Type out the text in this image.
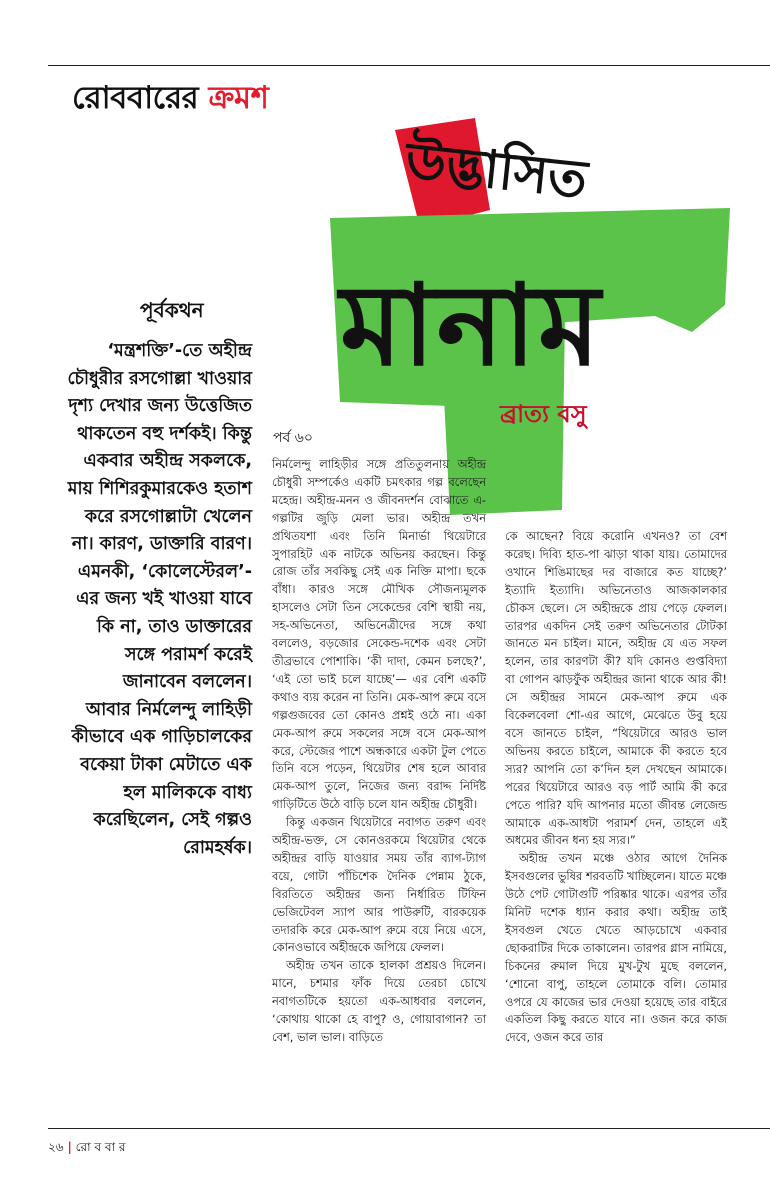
রোববারের ক্রমশ
উদ্ভাসিত
মানাম
ব্রাত্য বসু
পর্ব ৬০
পূর্বকথন

‘মন্ত্রশক্তি’-তে অহীন্দ্র চৌধুরীর রসগোল্লা খাওয়ার দৃশ্য দেখার জন্য উত্তেজিত থাকতেন বহু দর্শকই। কিন্তু একবার অহীন্দ্র সকলকে, মায় শিশিরকুমারকেও হতাশ করে রসগোল্লাটা খেলেন না। কারণ, ডাক্তারি বারণ। এমনকী, ‘কোলেস্টেরল’-এর জন্য খই খাওয়া যাবে কি না, তাও ডাক্তারের সঙ্গে পরামর্শ করেই জানাবেন বললেন।

আবার নির্মলেন্দু লাহিড়ী কীভাবে এক গাড়িচালকের বকেয়া টাকা মেটাতে এক হল মালিককে বাধ্য করেছিলেন, সেই গল্পও রোমহর্ষক।

নির্মলেন্দু লাহিড়ীর সঙ্গে প্রতিতুলনায় অহীন্দ্র চৌধুরী সম্পর্কেও একটি চমৎকার গল্প বলেছেন মহেন্দ্র। অহীন্দ্র-মনন ও জীবনদর্শন বোঝাতে এ-গল্পটির জুড়ি মেলা ভার। অহীন্দ্র তখন প্রথিতযশা এবং তিনি মিনার্ভা থিয়েটারে সুপারহিট এক নাটকে অভিনয় করছেন। কিন্তু রোজ তাঁর সবকিছু সেই এক নিক্তি মাপা। ছকে বাঁধা। কারও সঙ্গে মৌখিক সৌজন্যমূলক হাসলেও সেটা তিন সেকেন্ডের বেশি স্থায়ী নয়, সহ-অভিনেতা, অভিনেত্রীদের সঙ্গে কথা বললেও, বড়জোর সেকেন্ড-দশেক এবং সেটা তীব্রভাবে পোশাকি। ‘কী দাদা, কেমন চলছে?’, ‘এই তো ভাই চলে যাচ্ছে’— এর বেশি একটি কথাও ব্যয় করেন না তিনি। মেক-আপ রুমে বসে গল্পগুজবের তো কোনও প্রশ্নই ওঠে না। একা মেক-আপ রুমে সকলের সঙ্গে বসে মেক-আপ করে, স্টেজের পাশে অন্ধকারে একটা টুল পেতে তিনি বসে পড়েন, থিয়েটার শেষ হলে আবার মেক-আপ তুলে, নিজের জন্য বরাদ্দ নির্দিষ্ট গাড়িটিতে উঠে বাড়ি চলে যান অহীন্দ্র চৌধুরী।

কিন্তু একজন থিয়েটারে নবাগত তরুণ এবং অহীন্দ্র-ভক্ত, সে কোনওরকমে থিয়েটার থেকে অহীন্দ্রর বাড়ি যাওয়ার সময় তাঁর ব্যাগ-ট্যাগ বয়ে, গোটা পাঁচিশেক দৈনিক পেন্নাম ঠুকে, বিরতিতে অহীন্দ্রর জন্য নির্ধারিত টিফিন ভেজিটেবল স্যাপ আর পাউরুটি, বারকয়েক তদারকি করে মেক-আপ রুমে বয়ে নিয়ে এসে, কোনওভাবে অহীন্দ্রকে জপিয়ে ফেলল।

অহীন্দ্র তখন তাকে হালকা প্রশ্রয়ও দিলেন। মানে, চশমার ফাঁক দিয়ে তেরচা চোখে নবাগতটিকে হয়তো এক-আধবার বললেন, ‘কোথায় থাকো হে বাপু? ও, গোয়াবাগান? তা বেশ, ভাল ভাল। বাড়িতে

কে আছেন? বিয়ে করোনি এখনও? তা বেশ করেছ। দিব্যি হাত-পা ঝাড়া থাকা যায়। তোমাদের ওখানে শিঙিমাছের দর বাজারে কত যাচ্ছে?’ ইত্যাদি ইত্যাদি। অভিনেতাও আজকালকার চৌকস ছেলে। সে অহীন্দ্রকে প্রায় পেড়ে ফেলল। তারপর একদিন সেই তরুণ অভিনেতার টোটকা জানতে মন চাইল। মানে, অহীন্দ্র যে এত সফল হলেন, তার কারণটা কী? যদি কোনও গুপ্তবিদ্যা বা গোপন ঝাড়ফুঁক অহীন্দ্রর জানা থাকে আর কী! সে অহীন্দ্রর সামনে মেক-আপ রুমে এক বিকেলবেলা শো-এর আগে, মেঝেতে উবু হয়ে বসে জানতে চাইল, “থিয়েটারে আরও ভাল অভিনয় করতে চাইলে, আমাকে কী করতে হবে স্যর? আপনি তো ক’দিন হল দেখছেন আমাকে। পরের থিয়েটারে আরও বড় পার্ট আমি কী করে পেতে পারি? যদি আপনার মতো জীবন্ত লেজেন্ড আমাকে এক-আধটা পরামর্শ দেন, তাহলে এই অধমের জীবন ধন্য হয় স্যর।”

অহীন্দ্র তখন মঞ্চে ওঠার আগে দৈনিক ইসবগুলের ভুষির শরবতটি খাচ্ছিলেন। যাতে মঞ্চে উঠে পেট গোটাগুটি পরিষ্কার থাকে। এরপর তাঁর মিনিট দশেক ধ্যান করার কথা। অহীন্দ্র তাই ইসবগুল খেতে খেতে আড়চোখে একবার ছোকরাটির দিকে তাকালেন। তারপর গ্লাস নামিয়ে, চিকনের রুমাল দিয়ে মুখ-টুখ মুছে বললেন, ‘শোনো বাপু, তাহলে তোমাকে বলি। তোমার ওপরে যে কাজের ভার দেওয়া হয়েছে তার বাইরে একতিল কিছু করতে যাবে না। ওজন করে কাজ দেবে, ওজন করে তার

২৬ | রো ব বা র
